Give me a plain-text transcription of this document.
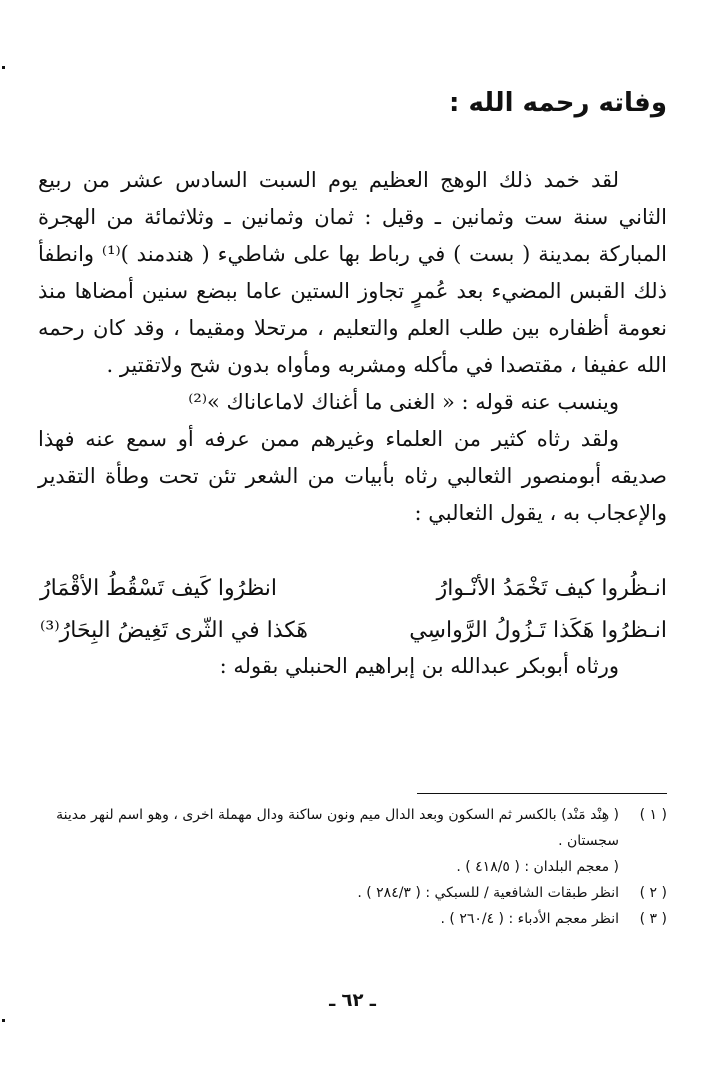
وفاته رحمه الله :

لقد خمد ذلك الوهج العظيم يوم السبت السادس عشر من ربيع الثاني سنة ست وثمانين ـ وقيل : ثمان وثمانين ـ وثلاثمائة من الهجرة المباركة بمدينة ( بست ) في رباط بها على شاطيء ( هندمند )⁽¹⁾ وانطفأ ذلك القبس المضيء بعد عُمرٍ تجاوز الستين عاما ببضع سنين أمضاها منذ نعومة أظفاره بين طلب العلم والتعليم ، مرتحلا ومقيما ، وقد كان رحمه الله عفيفا ، مقتصدا في مأكله ومشربه ومأواه بدون شح ولاتقتير .

وينسب عنه قوله : « الغنى ما أغناك لاماعاناك »⁽²⁾

ولقد رثاه كثير من العلماء وغيرهم ممن عرفه أو سمع عنه فهذا صديقه أبومنصور الثعالبي رثاه بأبيات من الشعر تئن تحت وطأة التقدير والإعجاب به ، يقول الثعالبي :

انـظُروا كيف تَخْمَدُ الأنْـوارُ
انظرُوا كَيف تَسْقُطُ الأقْمَارُ
انـظرُوا هَكَذا تَـزُولُ الرَّواسِي
هَكذا في الثّرى تَغِيضُ البِحَارُ⁽³⁾

ورثاه أبوبكر عبدالله بن إبراهيم الحنبلي بقوله :

( ١ )
( هِنْد مَنْد) بالكسر ثم السكون وبعد الدال ميم ونون ساكنة ودال مهملة اخرى ، وهو اسم لنهر مدينة سجستان .
( معجم البلدان : ( ٤١٨/٥ ) .
( ٢ )
انظر طبقات الشافعية / للسبكي : ( ٢٨٤/٣ ) .
( ٣ )
انظر معجم الأدباء : ( ٢٦٠/٤ ) .
ـ ٦٢ ـ
